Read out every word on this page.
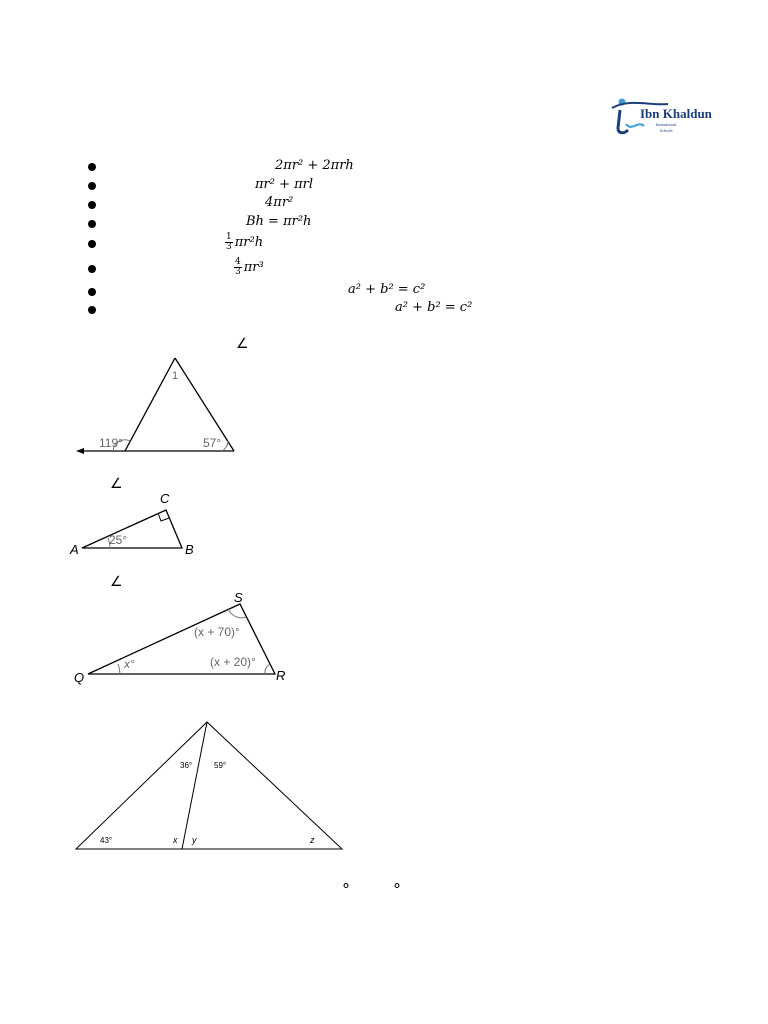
Ibn Khaldun
International
Schools
2πr² + 2πrh
πr² + πrl
4πr²
Bh = πr²h
$\frac{1}{3} \pi r^2h$
$\frac{4}{3} \pi r^3$
a² + b² = c²
a² + b² = c²
∠
∠
∠
1
119°	57°
A	B
C
25°
Q	R
S
x°	(x + 20)°
(x + 70)°
43°
36°	59°
x y	z
°	°
